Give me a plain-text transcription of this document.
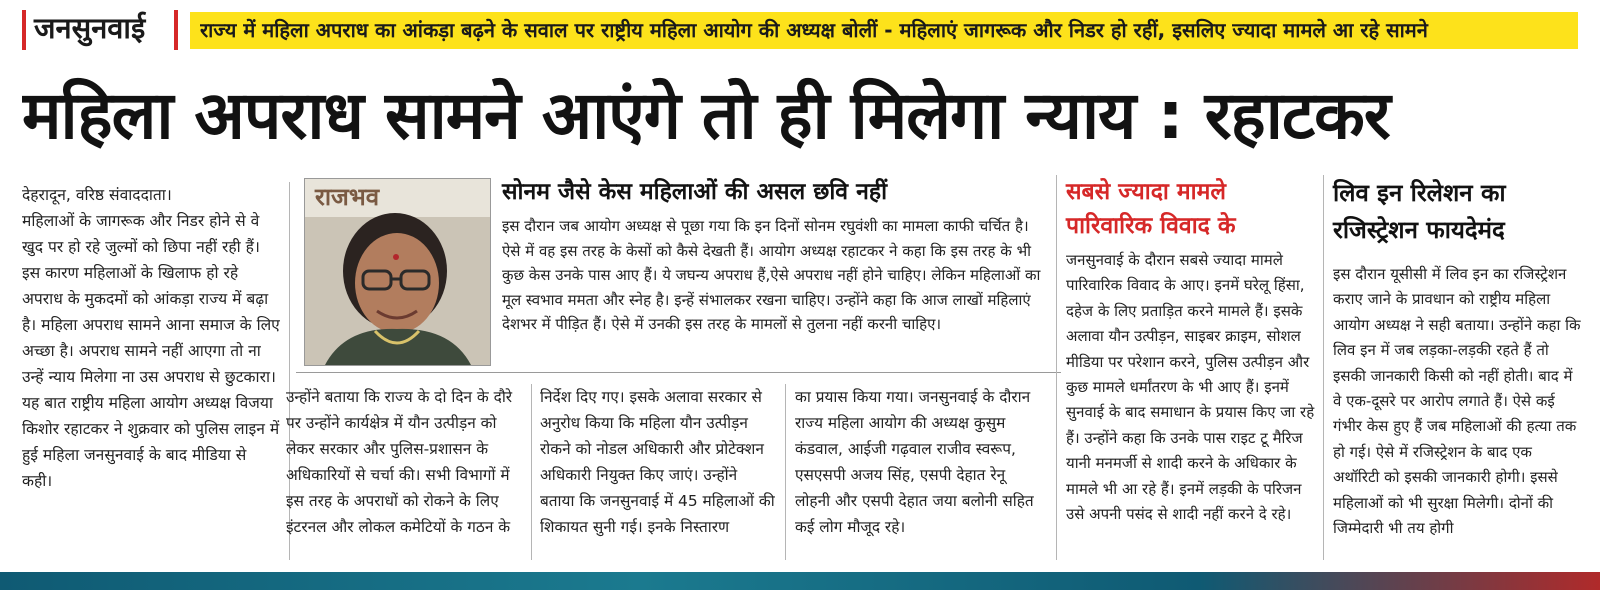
जनसुनवाई	राज्य में महिला अपराध का आंकड़ा बढ़ने के सवाल पर राष्ट्रीय महिला आयोग की अध्यक्ष बोलीं - महिलाएं जागरूक और निडर हो रहीं, इसलिए ज्यादा मामले आ रहे सामने
महिला अपराध सामने आएंगे तो ही मिलेगा न्याय : रहाटकर
देहरादून, वरिष्ठ संवाददाता।
महिलाओं के जागरूक और निडर होने से वे खुद पर हो रहे जुल्मों को छिपा नहीं रही हैं। इस कारण महिलाओं के खिलाफ हो रहे अपराध के मुकदमों को आंकड़ा राज्य में बढ़ा है। महिला अपराध सामने आना समाज के लिए अच्छा है। अपराध सामने नहीं आएगा तो ना उन्हें न्याय मिलेगा ना उस अपराध से छुटकारा। यह बात राष्ट्रीय महिला आयोग अध्यक्ष विजया किशोर रहाटकर ने शुक्रवार को पुलिस लाइन में हुई महिला जनसुनवाई के बाद मीडिया से कही।
राजभव	सोनम जैसे केस महिलाओं की असल छवि नहीं
इस दौरान जब आयोग अध्यक्ष से पूछा गया कि इन दिनों सोनम रघुवंशी का मामला काफी चर्चित है। ऐसे में वह इस तरह के केसों को कैसे देखती हैं। आयोग अध्यक्ष रहाटकर ने कहा कि इस तरह के भी कुछ केस उनके पास आए हैं। ये जघन्य अपराध हैं,ऐसे अपराध नहीं होने चाहिए। लेकिन महिलाओं का मूल स्वभाव ममता और स्नेह है। इन्हें संभालकर रखना चाहिए। उन्होंने कहा कि आज लाखों महिलाएं देशभर में पीड़ित हैं। ऐसे में उनकी इस तरह के मामलों से तुलना नहीं करनी चाहिए।
उन्होंने बताया कि राज्य के दो दिन के दौरे पर उन्होंने कार्यक्षेत्र में यौन उत्पीड़न को लेकर सरकार और पुलिस-प्रशासन के अधिकारियों से चर्चा की। सभी विभागों में इस तरह के अपराधों को रोकने के लिए इंटरनल और लोकल कमेटियों के गठन के
निर्देश दिए गए। इसके अलावा सरकार से अनुरोध किया कि महिला यौन उत्पीड़न रोकने को नोडल अधिकारी और प्रोटेक्शन अधिकारी नियुक्त किए जाएं। उन्होंने बताया कि जनसुनवाई में 45 महिलाओं की शिकायत सुनी गई। इनके निस्तारण
का प्रयास किया गया। जनसुनवाई के दौरान राज्य महिला आयोग की अध्यक्ष कुसुम कंडवाल, आईजी गढ़वाल राजीव स्वरूप, एसएसपी अजय सिंह, एसपी देहात रेनू लोहनी और एसपी देहात जया बलोनी सहित कई लोग मौजूद रहे।
सबसे ज्यादा मामले
पारिवारिक विवाद के
जनसुनवाई के दौरान सबसे ज्यादा मामले पारिवारिक विवाद के आए। इनमें घरेलू हिंसा, दहेज के लिए प्रताड़ित करने मामले हैं। इसके अलावा यौन उत्पीड़न, साइबर क्राइम, सोशल मीडिया पर परेशान करने, पुलिस उत्पीड़न और कुछ मामले धर्मांतरण के भी आए हैं। इनमें सुनवाई के बाद समाधान के प्रयास किए जा रहे हैं। उन्होंने कहा कि उनके पास राइट टू मैरिज यानी मनमर्जी से शादी करने के अधिकार के मामले भी आ रहे हैं। इनमें लड़की के परिजन उसे अपनी पसंद से शादी नहीं करने दे रहे।
लिव इन रिलेशन का
रजिस्ट्रेशन फायदेमंद
इस दौरान यूसीसी में लिव इन का रजिस्ट्रेशन कराए जाने के प्रावधान को राष्ट्रीय महिला आयोग अध्यक्ष ने सही बताया। उन्होंने कहा कि लिव इन में जब लड़का-लड़की रहते हैं तो इसकी जानकारी किसी को नहीं होती। बाद में वे एक-दूसरे पर आरोप लगाते हैं। ऐसे कई गंभीर केस हुए हैं जब महिलाओं की हत्या तक हो गई। ऐसे में रजिस्ट्रेशन के बाद एक अथॉरिटी को इसकी जानकारी होगी। इससे महिलाओं को भी सुरक्षा मिलेगी। दोनों की जिम्मेदारी भी तय होगी
